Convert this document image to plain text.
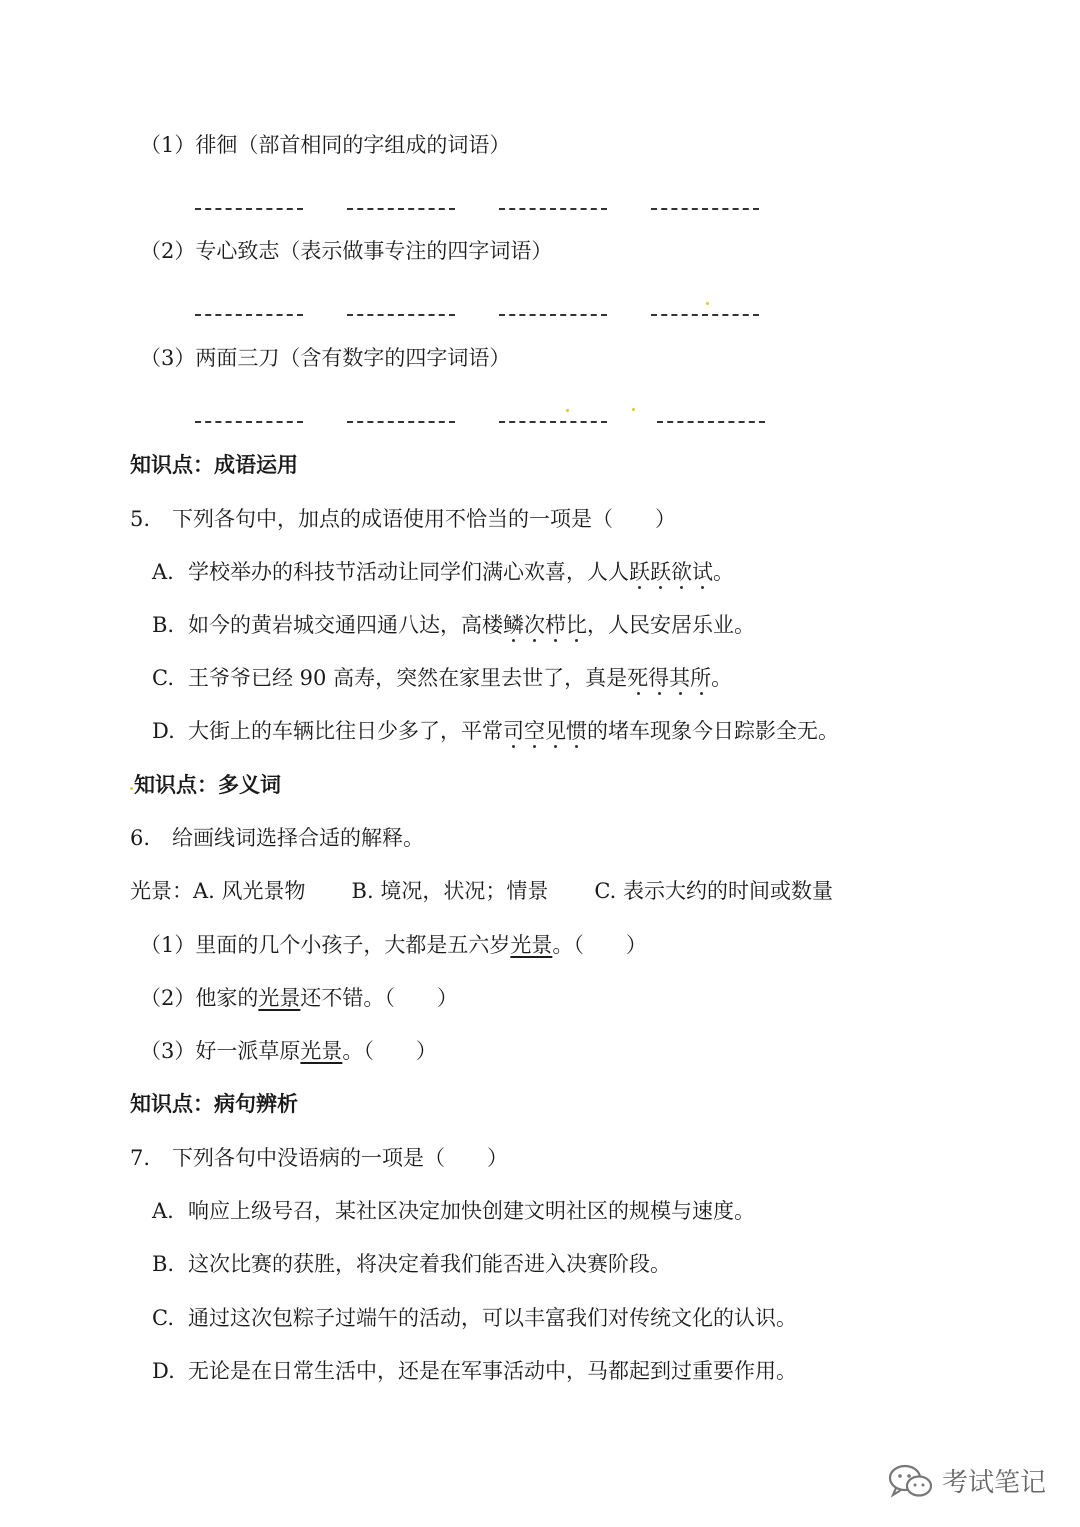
（1）徘徊（部首相同的字组成的词语）
（2）专心致志（表示做事专注的四字词语）
（3）两面三刀（含有数字的四字词语）
知识点：成语运用
5. 下列各句中，加点的成语使用不恰当的一项是（　　）
A. 学校举办的科技节活动让同学们满心欢喜，人人跃跃欲试。
B. 如今的黄岩城交通四通八达，高楼鳞次栉比，人民安居乐业。
C. 王爷爷已经 90 高寿，突然在家里去世了，真是死得其所。
D. 大街上的车辆比往日少多了，平常司空见惯的堵车现象今日踪影全无。
知识点：多义词
6. 给画线词选择合适的解释。
光景：A. 风光景物 B. 境况，状况；情景 C. 表示大约的时间或数量
（1）里面的几个小孩子，大都是五六岁光景。（　　）
（2）他家的光景还不错。（　　）
（3）好一派草原光景。（　　）
知识点：病句辨析
7. 下列各句中没语病的一项是（　　）
A. 响应上级号召，某社区决定加快创建文明社区的规模与速度。
B. 这次比赛的获胜，将决定着我们能否进入决赛阶段。
C. 通过这次包粽子过端午的活动，可以丰富我们对传统文化的认识。
D. 无论是在日常生活中，还是在军事活动中，马都起到过重要作用。
考试笔记
